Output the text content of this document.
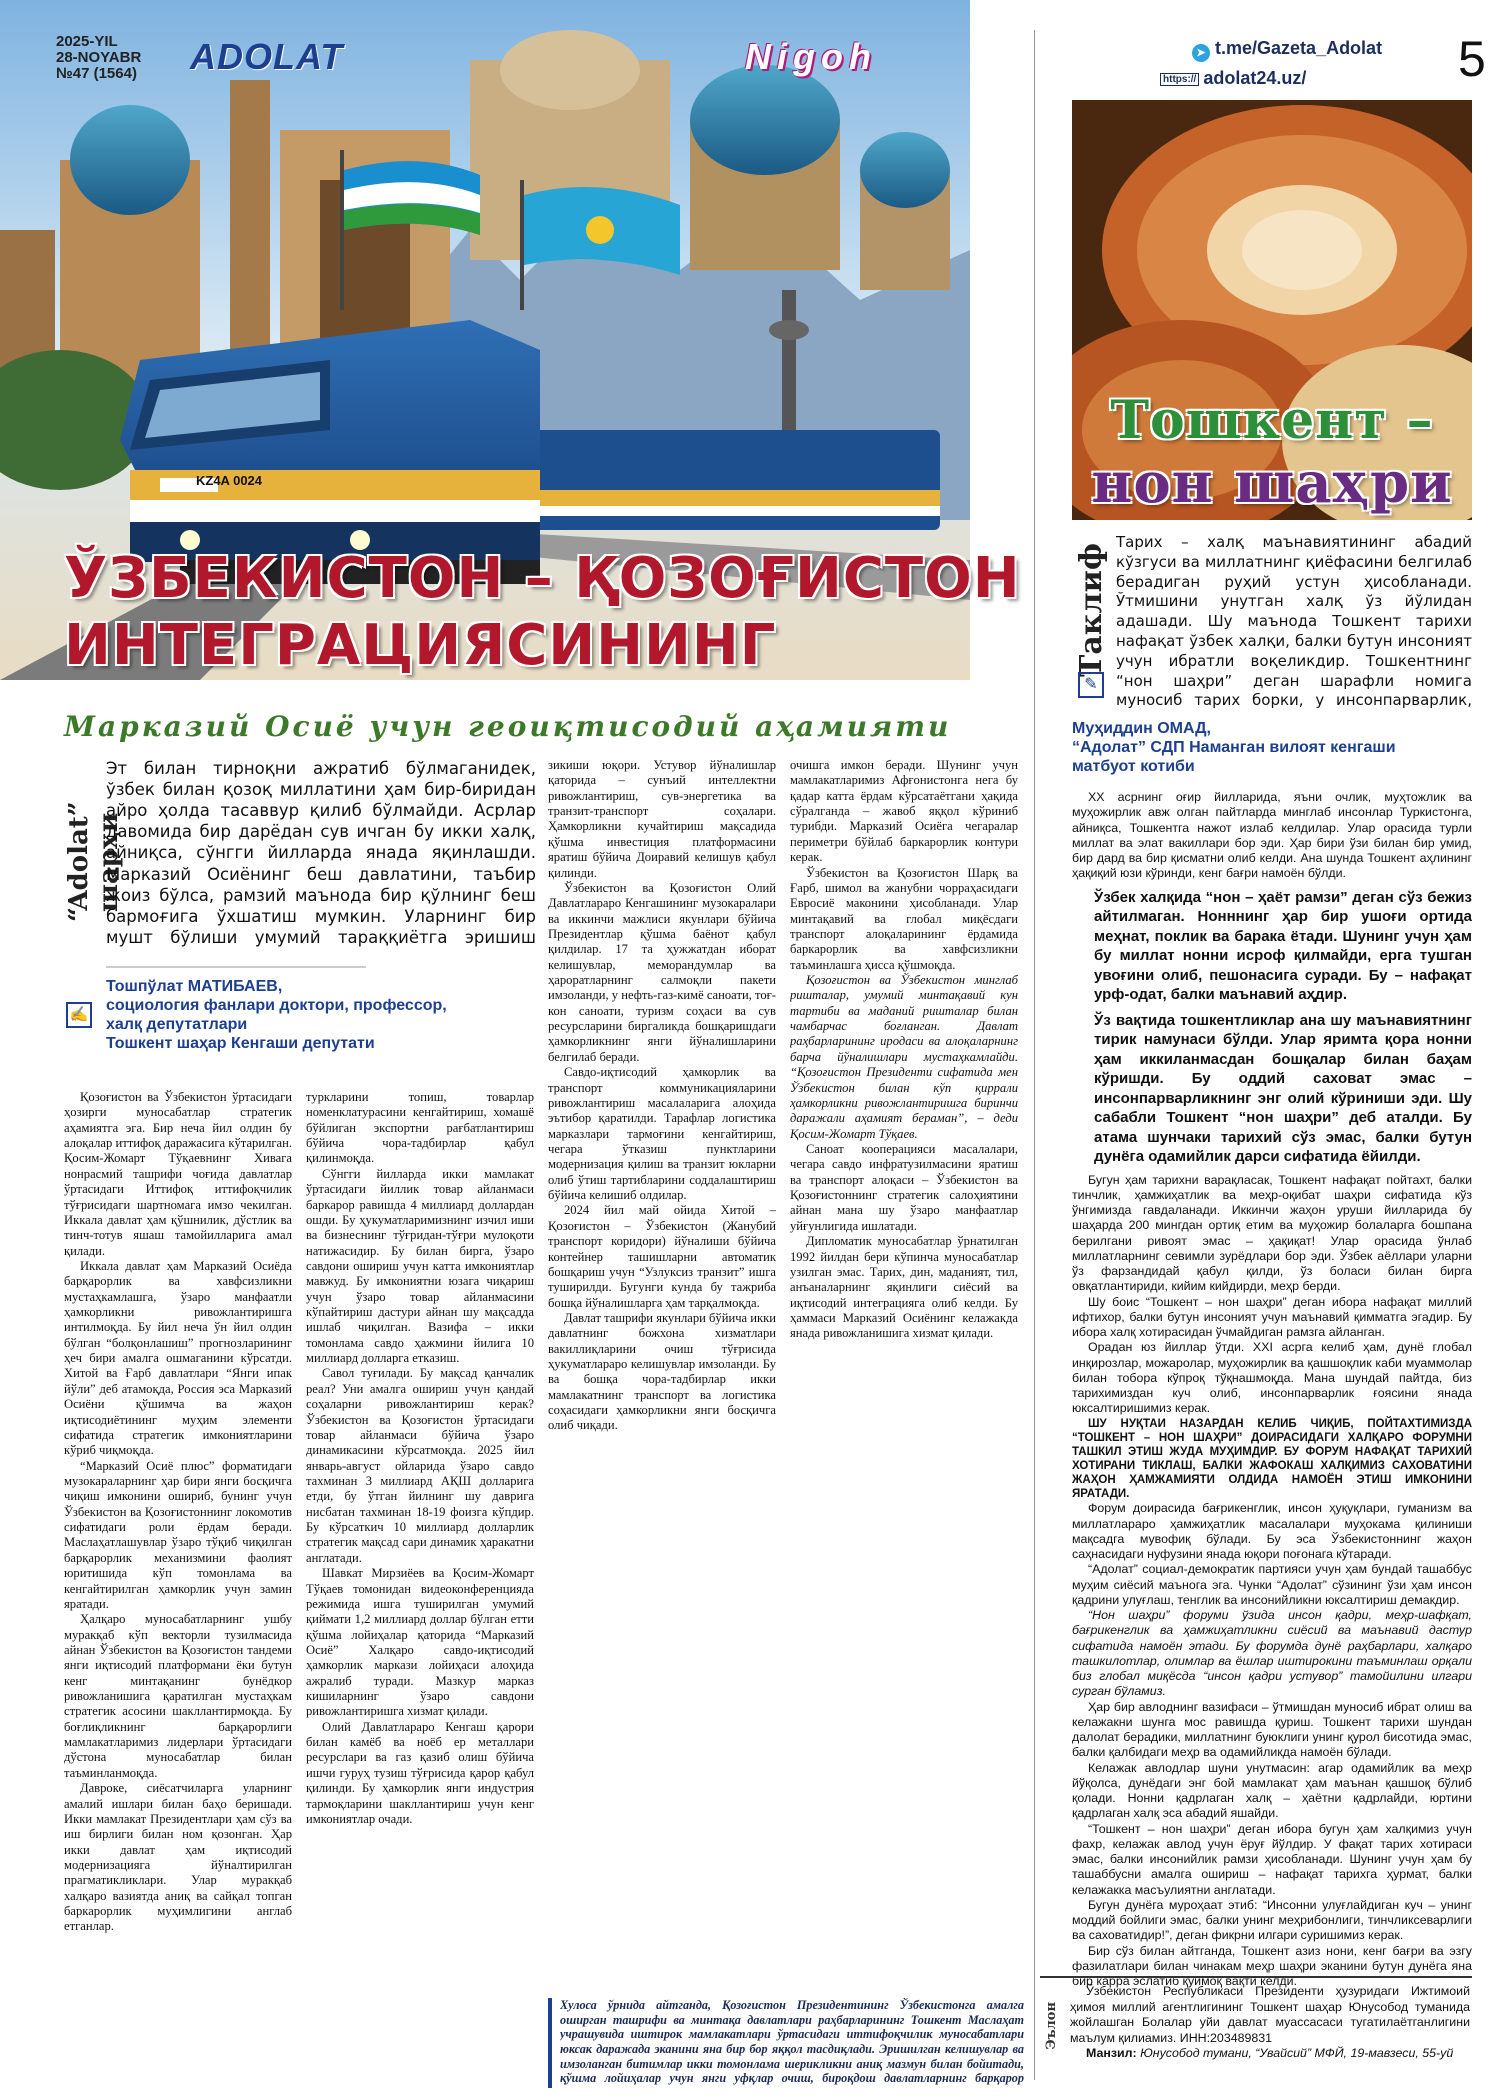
KZ4A 0024
2025-YIL
28-NOYABR
№47 (1564) ADOLAT	Nigoh
ЎЗБЕКИСТОН – ҚОЗОҒИСТОН
ИНТЕГРАЦИЯСИНИНГ
Марказий Осиё учун геоиқтисодий аҳамияти
➤ t.me/Gazeta_Adolat
https:// adolat24.uz/	5
Тошкент –
нон шаҳри
Таклиф
✎
Тарих – халқ маънавиятининг абадий кўзгуси ва миллатнинг қиёфасини белгилаб берадиган руҳий устун ҳисобланади. Ўтмишини унутган халқ ўз йўлидан адашади. Шу маънода Тошкент тарихи нафақат ўзбек халқи, балки бутун инсоният учун ибратли воқеликдир. Тошкентнинг “нон шаҳри” деган шарафли номига муносиб тарих борки, у инсонпарварлик,
Муҳиддин ОМАД,
“Адолат” СДП Наманган вилоят кенгаши
матбуот котиби

XX асрнинг оғир йилларида, яъни очлик, муҳтожлик ва муҳожирлик авж олган пайтларда минглаб инсонлар Туркистонга, айниқса, Тошкентга нажот излаб келдилар. Улар орасида турли миллат ва элат вакиллари бор эди. Ҳар бири ўзи билан бир умид, бир дард ва бир қисматни олиб келди. Ана шунда Тошкент аҳлининг ҳақиқий юзи кўринди, кенг бағри намоён бўлди.

Ўзбек халқида “нон – ҳаёт рамзи” деган сўз бежиз айтилмаган. Нонннинг ҳар бир ушоғи ортида меҳнат, поклик ва барака ётади. Шунинг учун ҳам бу миллат нонни исроф қилмайди, ерга тушган увоғини олиб, пешонасига суради. Бу – нафақат урф-одат, балки маънавий аҳдир.

Ўз вақтида тошкентликлар ана шу маънавиятнинг тирик намунаси бўлди. Улар яримта қора нонни ҳам иккиланмасдан бошқалар билан баҳам кўришди. Бу оддий саховат эмас – инсонпарварликнинг энг олий кўриниши эди. Шу сабабли Тошкент “нон шаҳри” деб аталди. Бу атама шунчаки тарихий сўз эмас, балки бутун дунёга одамийлик дарси сифатида ёйилди.

Бугун ҳам тарихни варақласак, Тошкент нафақат пойтахт, балки тинчлик, ҳамжиҳатлик ва меҳр-оқибат шаҳри сифатида кўз ўнгимизда гавдаланади. Иккинчи жаҳон уруши йилларида бу шаҳарда 200 мингдан ортиқ етим ва муҳожир болаларга бошпана берилгани ривоят эмас – ҳақиқат! Улар орасида ўнлаб миллатларнинг севимли зурёдлари бор эди. Ўзбек аёллари уларни ўз фарзандидай қабул қилди, ўз боласи билан бирга овқатлантириди, кийим кийдирди, меҳр берди.

Шу боис “Тошкент – нон шаҳри” деган ибора нафақат миллий ифтихор, балки бутун инсоният учун маънавий қимматга эгадир. Бу ибора халқ хотирасидан ўчмайдиган рамзга айланган.

Орадан юз йиллар ўтди. XXI асрга келиб ҳам, дунё глобал инқирозлар, можаролар, муҳожирлик ва қашшоқлик каби муаммолар билан тобора кўпроқ тўқнашмоқда. Мана шундай пайтда, биз тарихимиздан куч олиб, инсонпарварлик ғоясини янада юксалтиришимиз керак.

ШУ НУҚТАИ НАЗАРДАН КЕЛИБ ЧИҚИБ, ПОЙТАХТИМИЗДА “ТОШКЕНТ – НОН ШАҲРИ” ДОИРАСИДАГИ ХАЛҚАРО ФОРУМНИ ТАШКИЛ ЭТИШ ЖУДА МУҲИМДИР. БУ ФОРУМ НАФАҚАТ ТАРИХИЙ ХОТИРАНИ ТИКЛАШ, БАЛКИ ЖАФОКАШ ХАЛҚИМИЗ САХОВАТИНИ ЖАҲОН ҲАМЖАМИЯТИ ОЛДИДА НАМОЁН ЭТИШ ИМКОНИНИ ЯРАТАДИ.

Форум доирасида бағрикенглик, инсон ҳуқуқлари, гуманизм ва миллатлараро ҳамжиҳатлик масалалари муҳокама қилиниши мақсадга мувофиқ бўлади. Бу эса Ўзбекистоннинг жаҳон саҳнасидаги нуфузини янада юқори поғонага кўтаради.

“Адолат” социал-демократик партияси учун ҳам бундай ташаббус муҳим сиёсий маънога эга. Чунки “Адолат” сўзининг ўзи ҳам инсон қадрини улуғлаш, тенглик ва инсонийликни юксалтириш демакдир.

“Нон шаҳри” форуми ўзида инсон қадри, меҳр-шафқат, бағрикенглик ва ҳамжиҳатликни сиёсий ва маънавий дастур сифатида намоён этади. Бу форумда дунё раҳбарлари, халқаро ташкилотлар, олимлар ва ёшлар иштирокини таъминлаш орқали биз глобал миқёсда “инсон қадри устувор” тамойилини илгари сурган бўламиз.

Ҳар бир авлоднинг вазифаси – ўтмишдан муносиб ибрат олиш ва келажакни шунга мос равишда қуриш. Тошкент тарихи шундан далолат берадики, миллатнинг буюклиги унинг қурол бисотида эмас, балки қалбидаги меҳр ва одамийликда намоён бўлади.

Келажак авлодлар шуни унутмасин: агар одамийлик ва меҳр йўқолса, дунёдаги энг бой мамлакат ҳам маънан қашшоқ бўлиб қолади. Нонни қадрлаган халқ – ҳаётни қадрлайди, юртини қадрлаган халқ эса абадий яшайди.

“Тошкент – нон шаҳри” деган ибора бугун ҳам халқимиз учун фахр, келажак авлод учун ёруғ йўлдир. У фақат тарих хотираси эмас, балки инсонийлик рамзи ҳисобланади. Шунинг учун ҳам бу ташаббусни амалга ошириш – нафақат тарихга ҳурмат, балки келажакка масъулиятни англатади.

Бугун дунёга муроҳаат этиб: “Инсонни улуғлайдиган куч – унинг моддий бойлиги эмас, балки унинг меҳрибонлиги, тинчликсеварлиги ва саховатидир!”, деган фикрни илгари суришимиз керак.

Бир сўз билан айтганда, Тошкент азиз нони, кенг бағри ва эзгу фазилатлари билан чинакам меҳр шаҳри эканини бутун дунёга яна бир карра эслатиб қўймоқ вақти келди.

Эълон

Ўзбекистон Республикаси Президенти ҳузуридаги Ижтимоий ҳимоя миллий агентлигининг Тошкент шаҳар Юнусобод туманида жойлашган Болалар уйи давлат муассасаси тугатилаётганлигини маълум қилиамиз. ИНН:203489831

Манзил: Юнусобод тумани, “Увайсий” МФЙ, 19-мавзеси, 55-уй

“Adolat” шарҳи
✍
Эт билан тирноқни ажратиб бўлмаганидек, ўзбек билан қозоқ миллатини ҳам бир-биридан айро ҳолда тасаввур қилиб бўлмайди. Асрлар давомида бир дарёдан сув ичган бу икки халқ, айниқса, сўнгги йилларда янада яқинлашди. Марказий Осиёнинг беш давлатини, таъбир жоиз бўлса, рамзий маънода бир қўлнинг беш бармоғига ўхшатиш мумкин. Уларнинг бир мушт бўлиши умумий тараққиётга эришиш
Тошпўлат МАТИБАЕВ,
социология фанлари доктори, профессор,
халқ депутатлари
Тошкент шаҳар Кенгаши депутати

Қозоғистон ва Ўзбекистон ўртасидаги ҳозирги муносабатлар стратегик аҳамиятга эга. Бир неча йил олдин бу алоқалар иттифоқ даражасига кўтарилган. Қосим-Жомарт Тўқаевнинг Хивага нонрасмий ташрифи чоғида давлатлар ўртасидаги Иттифоқ иттифоқчилик тўғрисидаги шартномага имзо чекилган. Иккала давлат ҳам қўшнилик, дўстлик ва тинч-тотув яшаш тамойилларига амал қилади.

Иккала давлат ҳам Марказий Осиёда барқарорлик ва хавфсизликни мустаҳкамлашга, ўзаро манфаатли ҳамкорликни ривожлантиришга интилмоқда. Бу йил неча ўн йил олдин бўлган “болқонлашиш” прогнозларининг ҳеч бири амалга ошмаганини кўрсатди. Хитой ва Ғарб давлатлари “Янги ипак йўли” деб атамоқда, Россия эса Марказий Осиёни қўшимча ва жаҳон иқтисодиётининг муҳим элементи сифатида стратегик имкониятларини кўриб чиқмоқда.

“Марказий Осиё плюс” форматидаги музокараларнинг ҳар бири янги босқичга чиқиш имконини ошириб, бунинг учун Ўзбекистон ва Қозоғистоннинг локомотив сифатидаги роли ёрдам беради. Маслаҳатлашувлар ўзаро тўқиб чиқилган барқарорлик механизмини фаолият юритишида кўп томонлама ва кенгайтирилган ҳамкорлик учун замин яратади.

Ҳалқаро муносабатларнинг ушбу муракқаб кўп векторли тузилмасида айнан Ўзбекистон ва Қозоғистон тандеми янги иқтисодий платформани ёки бутун кенг минтақанинг бунёдкор ривожланишига қаратилган мустаҳкам стратегик асосини шакллантирмоқда. Бу боғлиқликнинг барқарорлиги мамлакатларимиз лидерлари ўртасидаги дўстона муносабатлар билан таъминланмоқда.

Давроке, сиёсатчиларга уларнинг амалий ишлари билан баҳо беришади. Икки мамлакат Президентлари ҳам сўз ва иш бирлиги билан ном қозонган. Ҳар икки давлат ҳам иқтисодий модернизацияга йўналтирилган прагматикликлари. Улар муракқаб халқаро вазиятда аниқ ва сайқал топган баркарорлик муҳимлигини англаб етганлар.

туркларини топиш, товарлар номенклатурасини кенгайтириш, хомашё бўйлиган экспортни рағбатлантириш бўйича чора-тадбирлар қабул қилинмоқда.

Сўнгги йилларда икки мамлакат ўртасидаги йиллик товар айланмаси баркарор равишда 4 миллиард доллардан ошди. Бу ҳукуматларимизнинг изчил иши ва бизнеснинг тўғридан-тўғри мулоқоти натижасидир. Бу билан бирга, ўзаро савдони ошириш учун катта имкониятлар мавжуд. Бу имкониятни юзага чиқариш учун ўзаро товар айланмасини кўпайтириш дастури айнан шу мақсадда ишлаб чиқилган. Вазифа – икки томонлама савдо ҳажмини йилига 10 миллиард долларга етказиш.

Савол туғилади. Бу мақсад қанчалик реал? Уни амалга ошириш учун қандай соҳаларни ривожлантириш керак? Ўзбекистон ва Қозоғистон ўртасидаги товар айланмаси бўйича ўзаро динамикасини кўрсатмоқда. 2025 йил январь-август ойларида ўзаро савдо тахминан 3 миллиард АҚШ долларига етди, бу ўтган йилнинг шу даврига нисбатан тахминан 18-19 фоизга кўпдир. Бу кўрсаткич 10 миллиард долларлик стратегик мақсад сари динамик ҳаракатни англатади.

Шавкат Мирзиёев ва Қосим-Жомарт Тўқаев томонидан видеоконференцияда режимида ишга туширилган умумий қиймати 1,2 миллиард доллар бўлган етти қўшма лойиҳалар қаторида “Марказий Осиё” Халқаро савдо-иқтисодий ҳамкорлик маркази лойиҳаси алоҳида ажралиб туради. Мазкур марказ кишиларнинг ўзаро савдони ривожлантиришга хизмат қилади.

Олий Давлатлараро Кенгаш қарори билан камёб ва ноёб ер металлари ресурслари ва газ қазиб олиш бўйича ишчи гуруҳ тузиш тўғрисида қарор қабул қилинди. Бу ҳамкорлик янги индустрия тармоқларини шакллантириш учун кенг имкониятлар очади.

зикиши юқори. Устувор йўналишлар қаторида – сунъий интеллектни ривожлантириш, сув-энергетика ва транзит-транспорт соҳалари. Ҳамкорликни кучайтириш мақсадида қўшма инвестиция платформасини яратиш бўйича Доиравий келишув қабул қилинди.

Ўзбекистон ва Қозоғистон Олий Давлатлараро Кенгашининг музокаралари ва иккинчи мажлиси якунлари бўйича Президентлар қўшма баёнот қабул қилдилар. 17 та ҳужжатдан иборат келишувлар, меморандумлар ва ҳароратларнинг салмоқли пакети имзоланди, у нефть-газ-кимё саноати, тоғ-кон саноати, туризм соҳаси ва сув ресурсларини биргаликда бошқаришдаги ҳамкорликнинг янги йўналишларини белгилаб беради.

Савдо-иқтисодий ҳамкорлик ва транспорт коммуникацияларини ривожлантириш масалаларига алоҳида эътибор қаратилди. Тарафлар логистика марказлари тармоғини кенгайтириш, чегара ўтказиш пунктларини модернизация қилиш ва транзит юкларни олиб ўтиш тартибларини соддалаштириш бўйича келишиб олдилар.

2024 йил май ойида Хитой – Қозоғистон – Ўзбекистон (Жанубий транспорт коридори) йўналиши бўйича контейнер ташишларни автоматик бошқариш учун “Узлуксиз транзит” ишга туширилди. Бугунги кунда бу тажриба бошқа йўналишларга ҳам тарқалмоқда.

Давлат ташрифи якунлари бўйича икки давлатнинг божхона хизматлари вакиллиқларини очиш тўғрисида ҳукуматлараро келишувлар имзоланди. Бу ва бошқа чора-тадбирлар икки мамлакатнинг транспорт ва логистика соҳасидаги ҳамкорликни янги босқичга олиб чиқади.

очишга имкон беради. Шунинг учун мамлакатларимиз Афғонистонга нега бу қадар катта ёрдам кўрсатаётгани ҳақида сўралганда – жавоб яққол кўриниб турибди. Марказий Осиёга чегаралар периметри бўйлаб баркарорлик контури керак.

Ўзбекистон ва Қозоғистон Шарқ ва Ғарб, шимол ва жанубни чорраҳасидаги Евросиё маконини ҳисобланади. Улар минтақавий ва глобал миқёсдаги транспорт алоқаларининг ёрдамида баркарорлик ва хавфсизликни таъминлашга ҳисса қўшмоқда.

Қозоғистон ва Ўзбекистон минглаб ришталар, умумий минтақавий кун тартиби ва маданий ришталар билан чамбарчас боғланган. Давлат раҳбарларининг иродаси ва алоқаларнинг барча йўналишлари мустаҳкамлайди. “Қозоғистон Президенти сифатида мен Ўзбекистон билан кўп қиррали ҳамкорликни ривожлантиришга биринчи даражали аҳамият бераман”, – деди Қосим-Жомарт Тўқаев.

Саноат кооперацияси масалалари, чегара савдо инфратузилмасини яратиш ва транспорт алоқаси – Ўзбекистон ва Қозоғистоннинг стратегик салоҳиятини айнан мана шу ўзаро манфаатлар уйғунлигида ишлатади.

Дипломатик муносабатлар ўрнатилган 1992 йилдан бери кўпинча муносабатлар узилган эмас. Тарих, дин, маданият, тил, анъаналарнинг яқинлиги сиёсий ва иқтисодий интеграцияга олиб келди. Бу ҳаммаси Марказий Осиёнинг келажакда янада ривожланишига хизмат қилади.

Хулоса ўрнида айтганда, Қозоғистон Президентининг Ўзбекистонга амалга оширган ташрифи ва минтақа давлатлари раҳбарларининг Тошкент Маслаҳат учрашувида иштирок мамлакатлари ўртасидаги иттифоқчилик муносабатлари юксак даражада эканини яна бир бор яққол тасдиқлади. Эришилган келишувлар ва имзоланган битимлар икки томонлама шерикликни аниқ мазмун билан бойитади, қўшма лойиҳалар учун янги уфқлар очиш, бироқдош давлатларнинг барқарор
